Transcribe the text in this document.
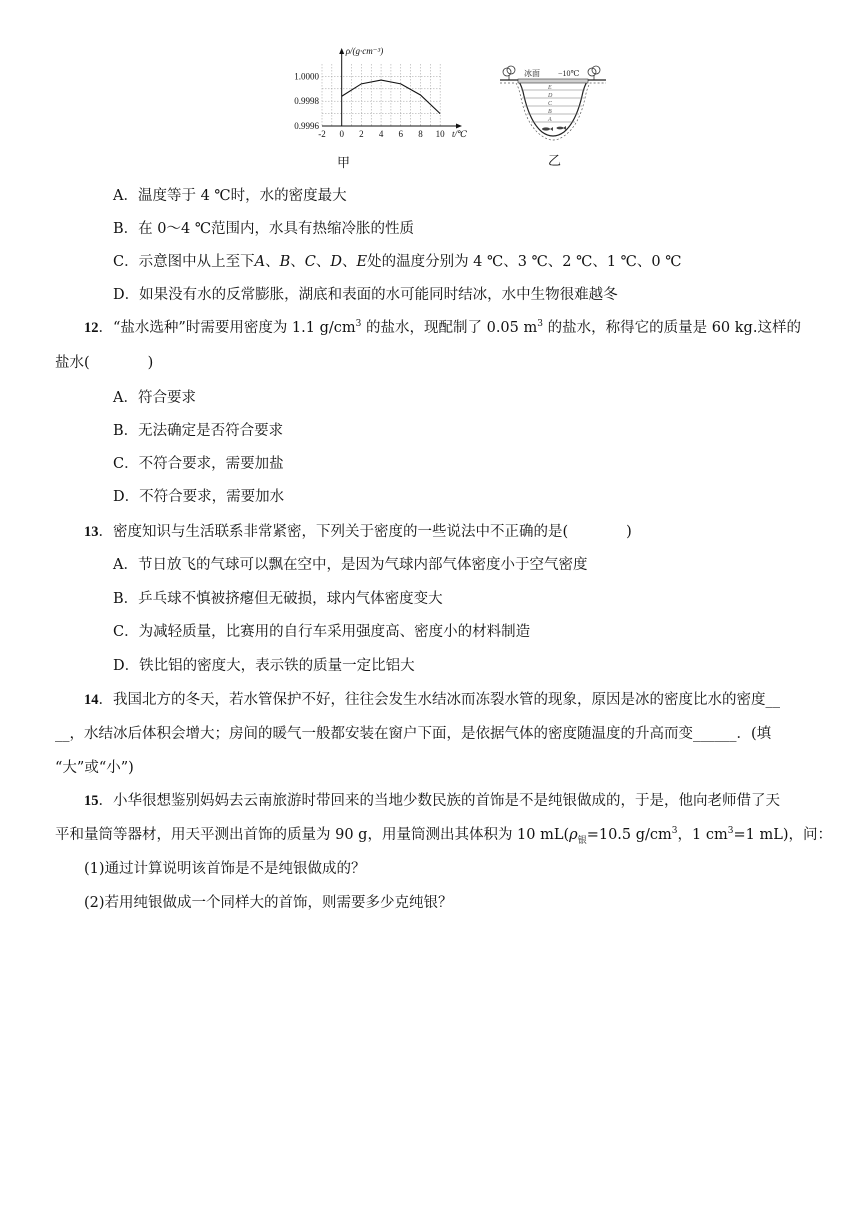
1.0000
0.9998
0.9996
-2 0 2 4 6 8 10
ρ/(g·cm⁻³)
t/℃
甲
E
D
C
B
A
冰面 −10℃
乙
A．温度等于 4 ℃时，水的密度最大
B．在 0～4 ℃范围内，水具有热缩冷胀的性质
C．示意图中从上至下A、B、C、D、E处的温度分别为 4 ℃、3 ℃、2 ℃、1 ℃、0 ℃
D．如果没有水的反常膨胀，湖底和表面的水可能同时结冰，水中生物很难越冬
12．“盐水选种”时需要用密度为 1.1 $g/cm^3$ 的盐水，现配制了 0.05 $m^3$ 的盐水，称得它的质量是 60 kg.这样的
盐水(　　　　)
A．符合要求
B．无法确定是否符合要求
C．不符合要求，需要加盐
D．不符合要求，需要加水
13．密度知识与生活联系非常紧密，下列关于密度的一些说法中不正确的是(　　　　)
A．节日放飞的气球可以飘在空中，是因为气球内部气体密度小于空气密度
B．乒乓球不慎被挤瘪但无破损，球内气体密度变大
C．为减轻质量，比赛用的自行车采用强度高、密度小的材料制造
D．铁比铝的密度大，表示铁的质量一定比铝大
14．我国北方的冬天，若水管保护不好，往往会发生水结冰而冻裂水管的现象，原因是冰的密度比水的密度__
__，水结冰后体积会增大；房间的暖气一般都安装在窗户下面，是依据气体的密度随温度的升高而变______．(填
“大”或“小”)
15．小华很想鉴别妈妈去云南旅游时带回来的当地少数民族的首饰是不是纯银做成的，于是，他向老师借了天
平和量筒等器材，用天平测出首饰的质量为 90 g，用量筒测出其体积为 10 $mL(\rho_银=10.5$ $g/cm^3$，1 $cm^3=1$ mL)，问：
(1)通过计算说明该首饰是不是纯银做成的？
(2)若用纯银做成一个同样大的首饰，则需要多少克纯银？
